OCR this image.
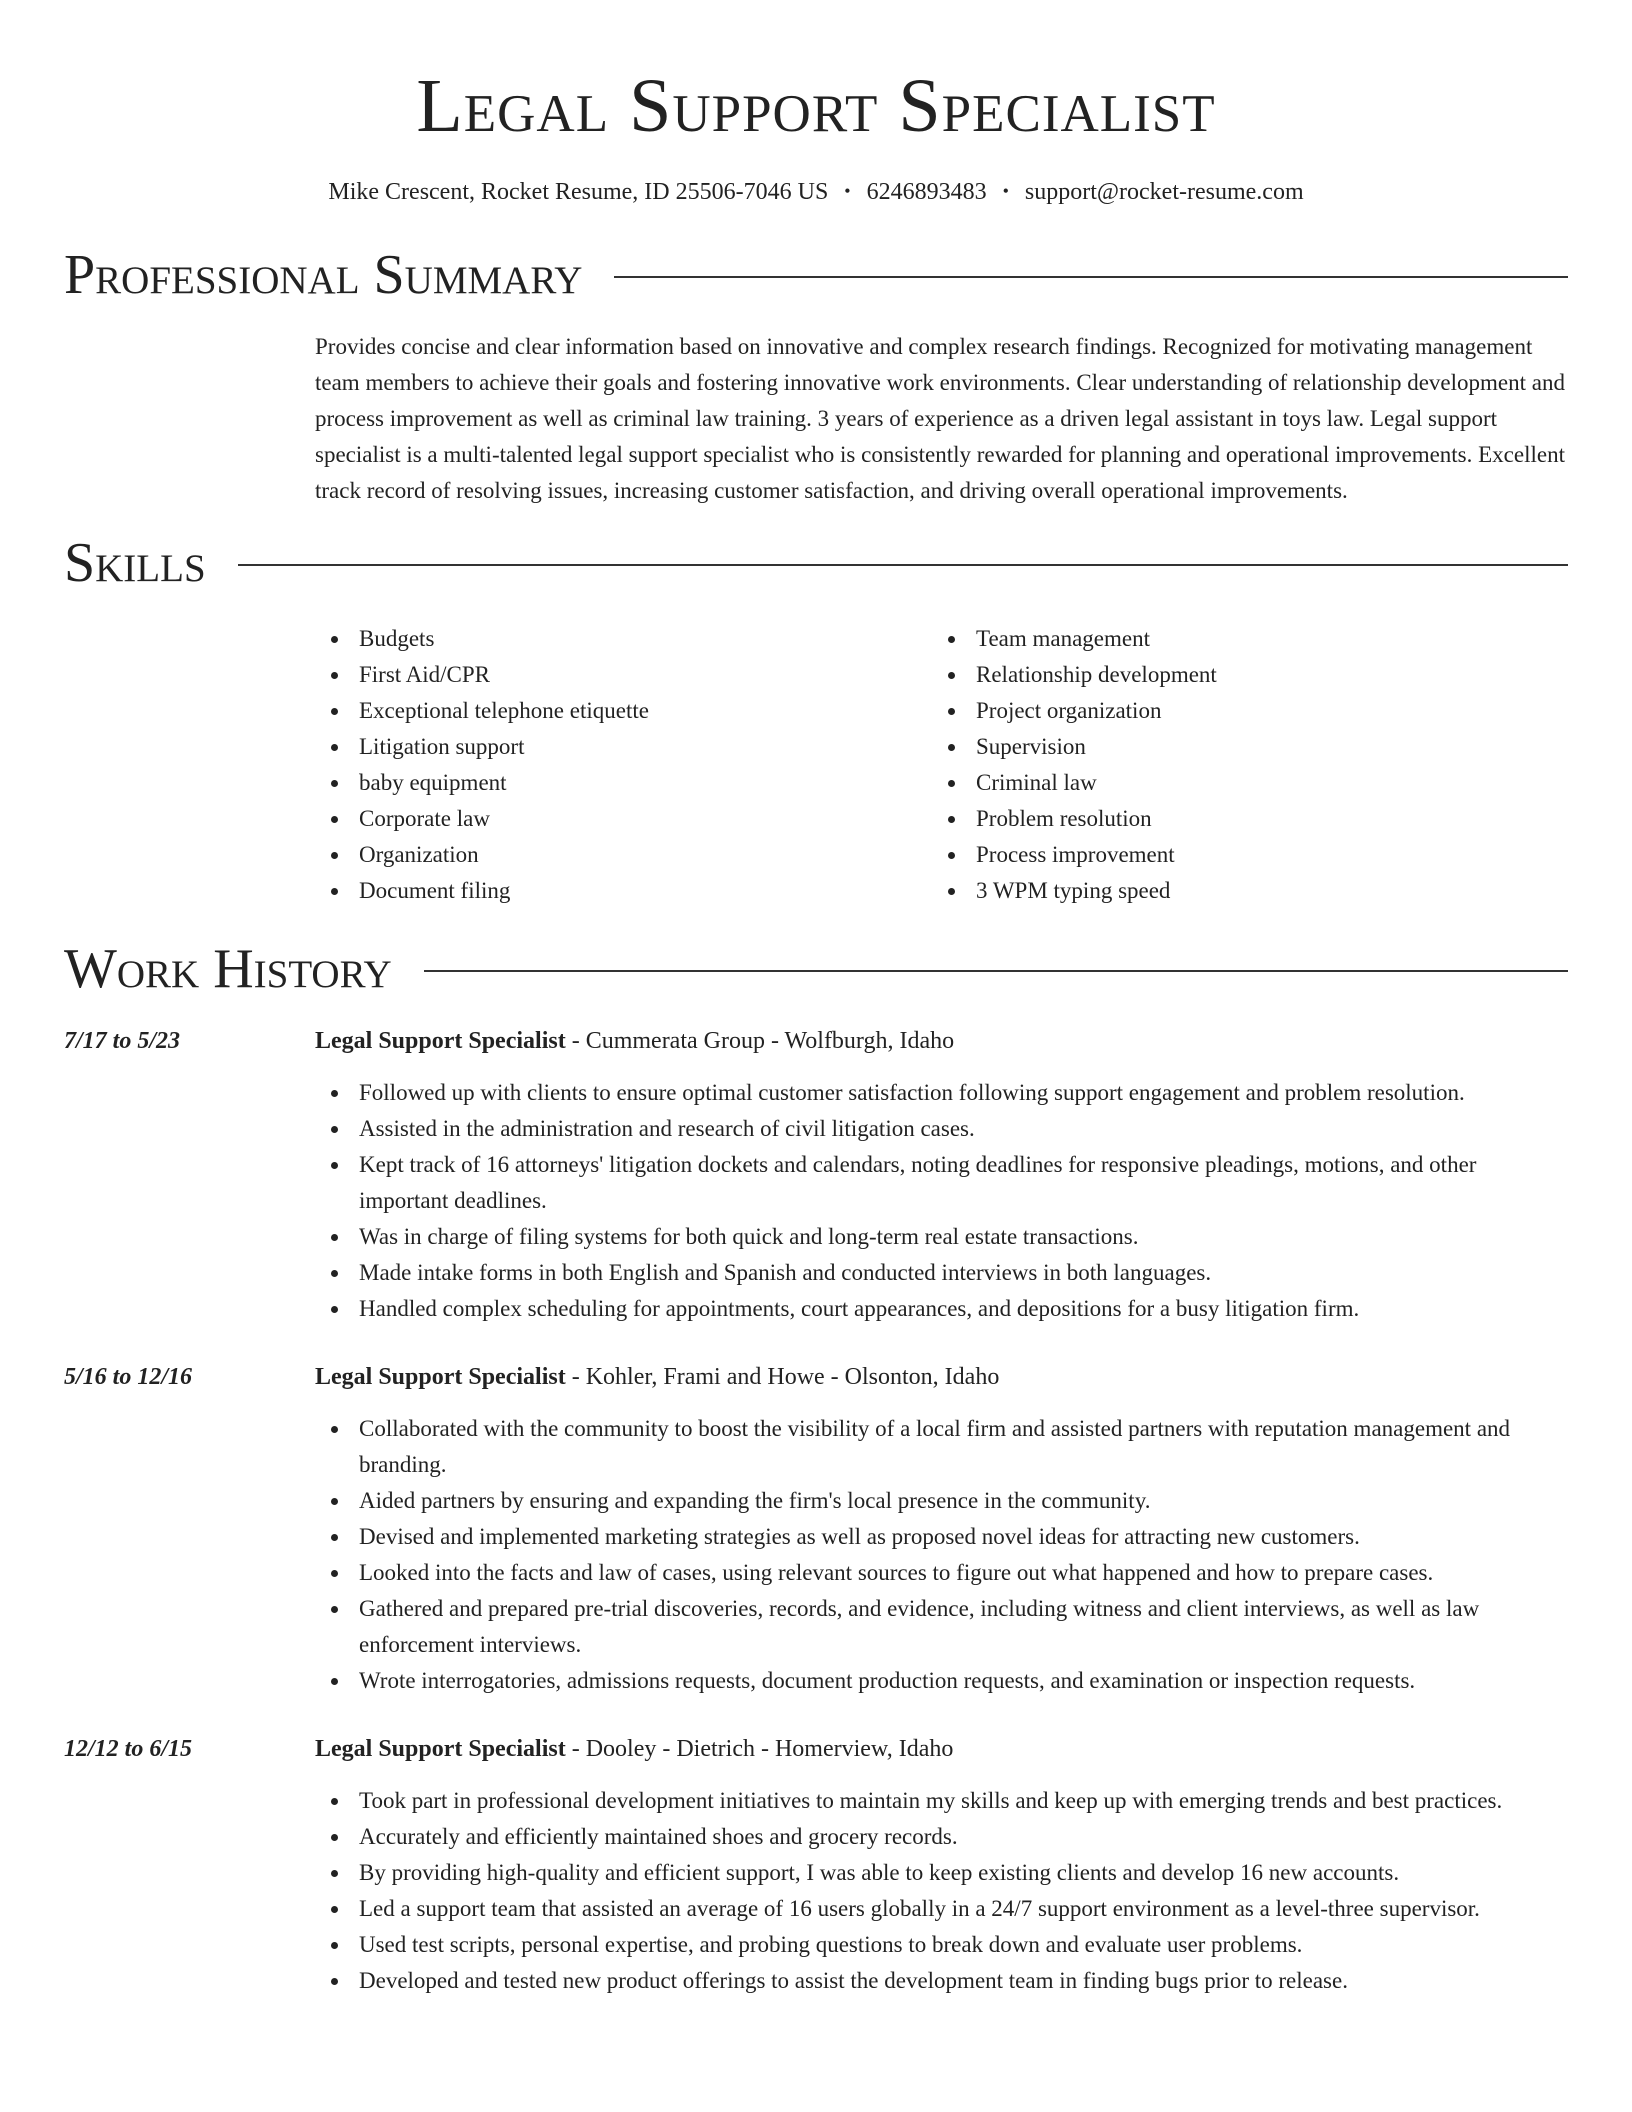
Legal Support Specialist
Mike Crescent, Rocket Resume, ID 25506-7046 US • 6246893483 • support@rocket-resume.com
Professional Summary

Provides concise and clear information based on innovative and complex research findings. Recognized for motivating management team members to achieve their goals and fostering innovative work environments. Clear understanding of relationship development and process improvement as well as criminal law training. 3 years of experience as a driven legal assistant in toys law. Legal support specialist is a multi-talented legal support specialist who is consistently rewarded for planning and operational improvements. Excellent track record of resolving issues, increasing customer satisfaction, and driving overall operational improvements.

Skills
Budgets
First Aid/CPR
Exceptional telephone etiquette
Litigation support
baby equipment
Corporate law
Organization
Document filing
Team management
Relationship development
Project organization
Supervision
Criminal law
Problem resolution
Process improvement
3 WPM typing speed
Work History
7/17 to 5/23	Legal Support Specialist - Cummerata Group - Wolfburgh, Idaho
Followed up with clients to ensure optimal customer satisfaction following support engagement and problem resolution.
Assisted in the administration and research of civil litigation cases.
Kept track of 16 attorneys' litigation dockets and calendars, noting deadlines for responsive pleadings, motions, and other important deadlines.
Was in charge of filing systems for both quick and long-term real estate transactions.
Made intake forms in both English and Spanish and conducted interviews in both languages.
Handled complex scheduling for appointments, court appearances, and depositions for a busy litigation firm.
5/16 to 12/16	Legal Support Specialist - Kohler, Frami and Howe - Olsonton, Idaho
Collaborated with the community to boost the visibility of a local firm and assisted partners with reputation management and branding.
Aided partners by ensuring and expanding the firm's local presence in the community.
Devised and implemented marketing strategies as well as proposed novel ideas for attracting new customers.
Looked into the facts and law of cases, using relevant sources to figure out what happened and how to prepare cases.
Gathered and prepared pre-trial discoveries, records, and evidence, including witness and client interviews, as well as law enforcement interviews.
Wrote interrogatories, admissions requests, document production requests, and examination or inspection requests.
12/12 to 6/15	Legal Support Specialist - Dooley - Dietrich - Homerview, Idaho
Took part in professional development initiatives to maintain my skills and keep up with emerging trends and best practices.
Accurately and efficiently maintained shoes and grocery records.
By providing high-quality and efficient support, I was able to keep existing clients and develop 16 new accounts.
Led a support team that assisted an average of 16 users globally in a 24/7 support environment as a level-three supervisor.
Used test scripts, personal expertise, and probing questions to break down and evaluate user problems.
Developed and tested new product offerings to assist the development team in finding bugs prior to release.
